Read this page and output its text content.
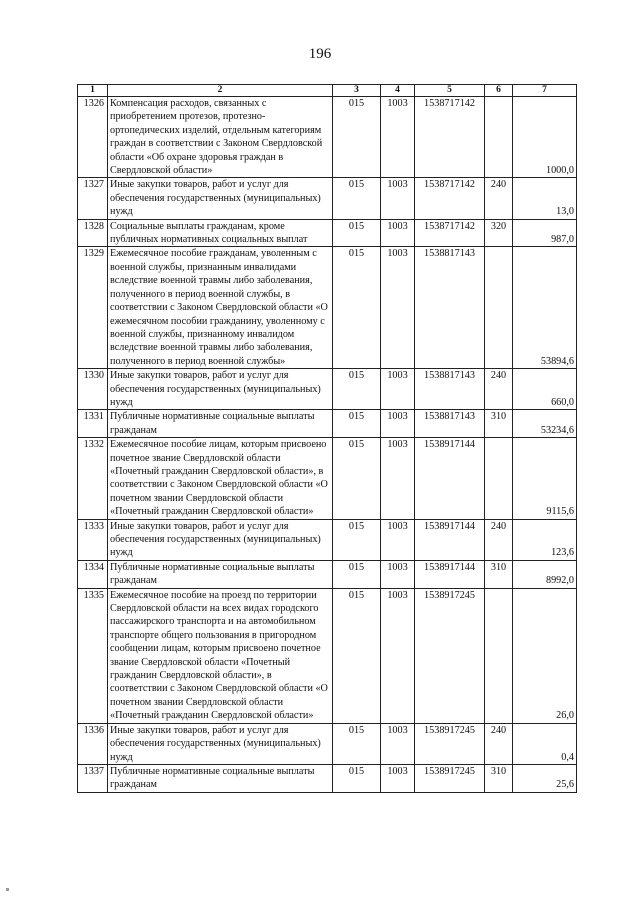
196
1	2	3	4	5	6	7
1326	Компенсация расходов, связанных с приобретением протезов, протезно-ортопедических изделий, отдельным категориям граждан в соответствии с Законом Свердловской области «Об охране здоровья граждан в Свердловской области»	015	1003	1538717142		1000,0
1327	Иные закупки товаров, работ и услуг для обеспечения государственных (муниципальных) нужд	015	1003	1538717142	240	13,0
1328	Социальные выплаты гражданам, кроме публичных нормативных социальных выплат	015	1003	1538717142	320	987,0
1329	Ежемесячное пособие гражданам, уволенным с военной службы, признанным инвалидами вследствие военной травмы либо заболевания, полученного в период военной службы, в соответствии с Законом Свердловской области «О ежемесячном пособии гражданину, уволенному с военной службы, признанному инвалидом вследствие военной травмы либо заболевания, полученного в период военной службы»	015	1003	1538817143		53894,6
1330	Иные закупки товаров, работ и услуг для обеспечения государственных (муниципальных) нужд	015	1003	1538817143	240	660,0
1331	Публичные нормативные социальные выплаты гражданам	015	1003	1538817143	310	53234,6
1332	Ежемесячное пособие лицам, которым присвоено почетное звание Свердловской области «Почетный гражданин Свердловской области», в соответствии с Законом Свердловской области «О почетном звании Свердловской области «Почетный гражданин Свердловской области»	015	1003	1538917144		9115,6
1333	Иные закупки товаров, работ и услуг для обеспечения государственных (муниципальных) нужд	015	1003	1538917144	240	123,6
1334	Публичные нормативные социальные выплаты гражданам	015	1003	1538917144	310	8992,0
1335	Ежемесячное пособие на проезд по территории Свердловской области на всех видах городского пассажирского транспорта и на автомобильном транспорте общего пользования в пригородном сообщении лицам, которым присвоено почетное звание Свердловской области «Почетный гражданин Свердловской области», в соответствии с Законом Свердловской области «О почетном звании Свердловской области «Почетный гражданин Свердловской области»	015	1003	1538917245		26,0
1336	Иные закупки товаров, работ и услуг для обеспечения государственных (муниципальных) нужд	015	1003	1538917245	240	0,4
1337	Публичные нормативные социальные выплаты гражданам	015	1003	1538917245	310	25,6
